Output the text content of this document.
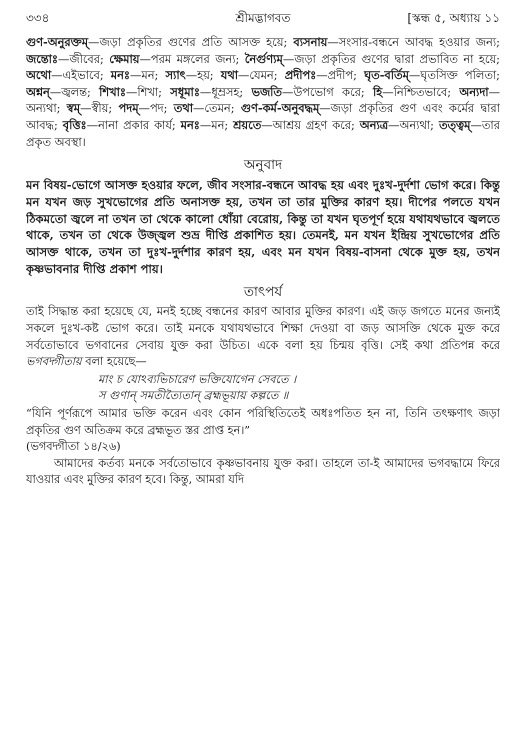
৩৩৪	শ্রীমদ্ভাগবত	[স্কন্ধ ৫, অধ্যায় ১১

গুণ-অনুরক্তম্—জড়া প্রকৃতির গুণের প্রতি আসক্ত হয়ে; ব্যসনায়—সংসার-বন্ধনে আবদ্ধ হওয়ার জন্য; জন্তোঃ—জীবের; ক্ষেমায়—পরম মঙ্গলের জন্য; নৈর্গুণ্যম্—জড়া প্রকৃতির গুণের দ্বারা প্রভাবিত না হয়ে; অথো—এইভাবে; মনঃ—মন; স্যাৎ—হয়; যথা—যেমন; প্রদীপঃ—প্রদীপ; ঘৃত-বর্তিম্—ঘৃতসিক্ত পলিতা; অশ্নন্—জ্বলন্ত; শিখাঃ—শিখা; সধূমাঃ—ধূম্রসহ; ভজতি—উপভোগ করে; হি—নিশ্চিতভাবে; অন্যদা—অন্যথা; স্বম্—স্বীয়; পদম্—পদ; তথা—তেমন; গুণ-কর্ম-অনুবদ্ধম্—জড়া প্রকৃতির গুণ এবং কর্মের দ্বারা আবদ্ধ; বৃত্তিঃ—নানা প্রকার কার্য; মনঃ—মন; শ্রয়তে—আশ্রয় গ্রহণ করে; অন্যত্র—অন্যথা; তত্ত্বম্—তার প্রকৃত অবস্থা।

অনুবাদ

মন বিষয়-ভোগে আসক্ত হওয়ার ফলে, জীব সংসার-বন্ধনে আবদ্ধ হয় এবং দুঃখ-দুর্দশা ভোগ করে। কিন্তু মন যখন জড় সুখভোগের প্রতি অনাসক্ত হয়, তখন তা তার মুক্তির কারণ হয়। দীপের পলতে যখন ঠিকমতো জ্বলে না তখন তা থেকে কালো ধোঁয়া বেরোয়, কিন্তু তা যখন ঘৃতপূর্ণ হয়ে যথাযথভাবে জ্বলতে থাকে, তখন তা থেকে উজ্জ্বল শুভ্র দীপ্তি প্রকাশিত হয়। তেমনই, মন যখন ইন্দ্রিয় সুখভোগের প্রতি আসক্ত থাকে, তখন তা দুঃখ-দুর্দশার কারণ হয়, এবং মন যখন বিষয়-বাসনা থেকে মুক্ত হয়, তখন কৃষ্ণভাবনার দীপ্তি প্রকাশ পায়।

তাৎপর্য

তাই সিদ্ধান্ত করা হয়েছে যে, মনই হচ্ছে বন্ধনের কারণ আবার মুক্তির কারণ। এই জড় জগতে মনের জন্যই সকলে দুঃখ-কষ্ট ভোগ করে। তাই মনকে যথাযথভাবে শিক্ষা দেওয়া বা জড় আসক্তি থেকে মুক্ত করে সর্বতোভাবে ভগবানের সেবায় যুক্ত করা উচিত। একে বলা হয় চিন্ময় বৃত্তি। সেই কথা প্রতিপন্ন করে ভগবদ্গীতায় বলা হয়েছে—

মাং চ যোঽব্যভিচারেণ ভক্তিযোগেন সেবতে ।
স গুণান্ সমতীত্যৈতান্ ব্রহ্মভূয়ায় কল্পতে ॥

“যিনি পূর্ণরূপে আমার ভক্তি করেন এবং কোন পরিস্থিতিতেই অধঃপতিত হন না, তিনি তৎক্ষণাৎ জড়া প্রকৃতির গুণ অতিক্রম করে ব্রহ্মভূত স্তর প্রাপ্ত হন।”
(ভগবদ্গীতা ১৪/২৬)

আমাদের কর্তব্য মনকে সর্বতোভাবে কৃষ্ণভাবনায় যুক্ত করা। তাহলে তা-ই আমাদের ভগবদ্ধামে ফিরে যাওয়ার এবং মুক্তির কারণ হবে। কিন্তু, আমরা যদি
